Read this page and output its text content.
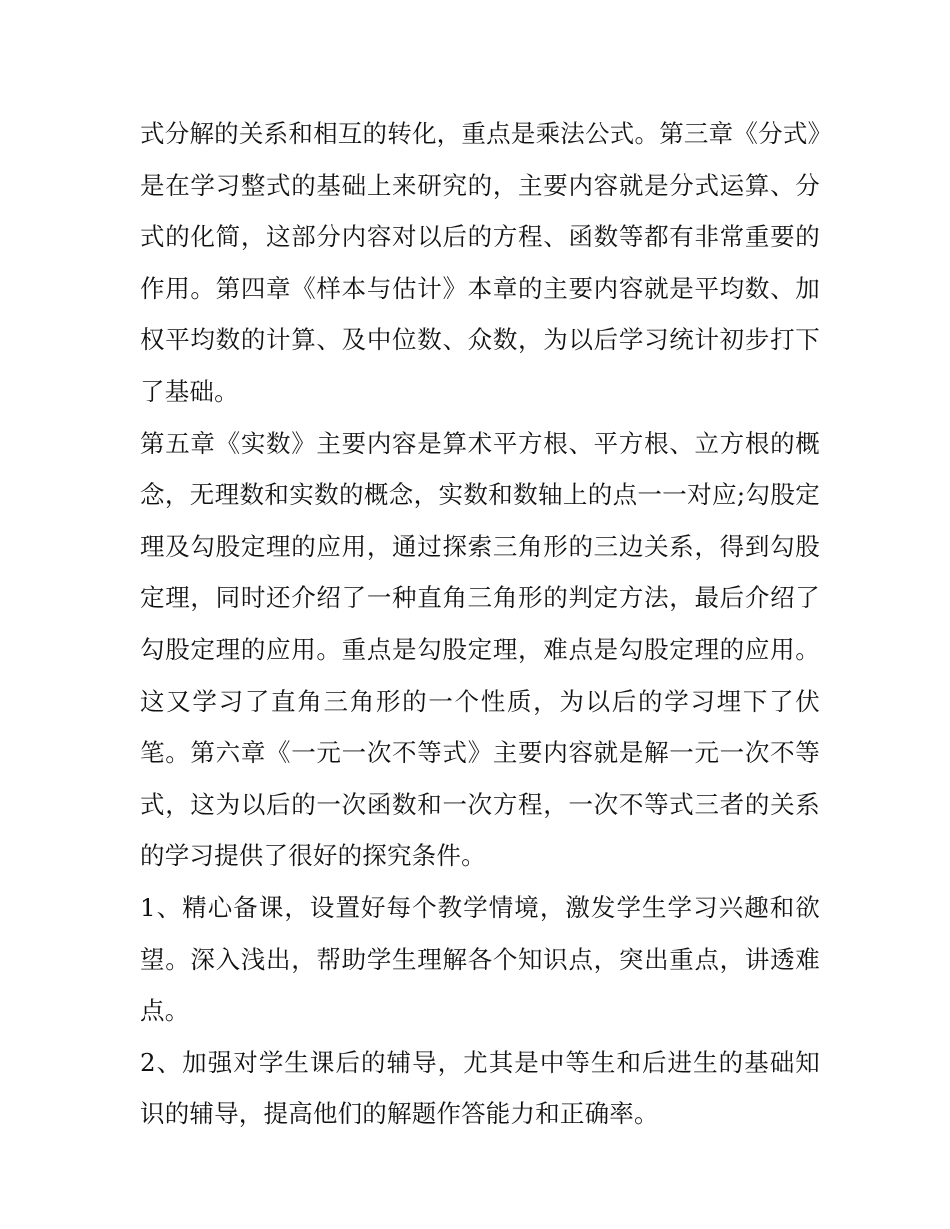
式分解的关系和相互的转化，重点是乘法公式。第三章《分式》是在学习整式的基础上来研究的，主要内容就是分式运算、分式的化简，这部分内容对以后的方程、函数等都有非常重要的作用。第四章《样本与估计》本章的主要内容就是平均数、加权平均数的计算、及中位数、众数，为以后学习统计初步打下了基础。

第五章《实数》主要内容是算术平方根、平方根、立方根的概念，无理数和实数的概念，实数和数轴上的点一一对应;勾股定理及勾股定理的应用，通过探索三角形的三边关系，得到勾股定理，同时还介绍了一种直角三角形的判定方法，最后介绍了勾股定理的应用。重点是勾股定理，难点是勾股定理的应用。这又学习了直角三角形的一个性质，为以后的学习埋下了伏笔。第六章《一元一次不等式》主要内容就是解一元一次不等式，这为以后的一次函数和一次方程，一次不等式三者的关系的学习提供了很好的探究条件。

1、精心备课，设置好每个教学情境，激发学生学习兴趣和欲望。深入浅出，帮助学生理解各个知识点，突出重点，讲透难点。

2、加强对学生课后的辅导，尤其是中等生和后进生的基础知识的辅导，提高他们的解题作答能力和正确率。
